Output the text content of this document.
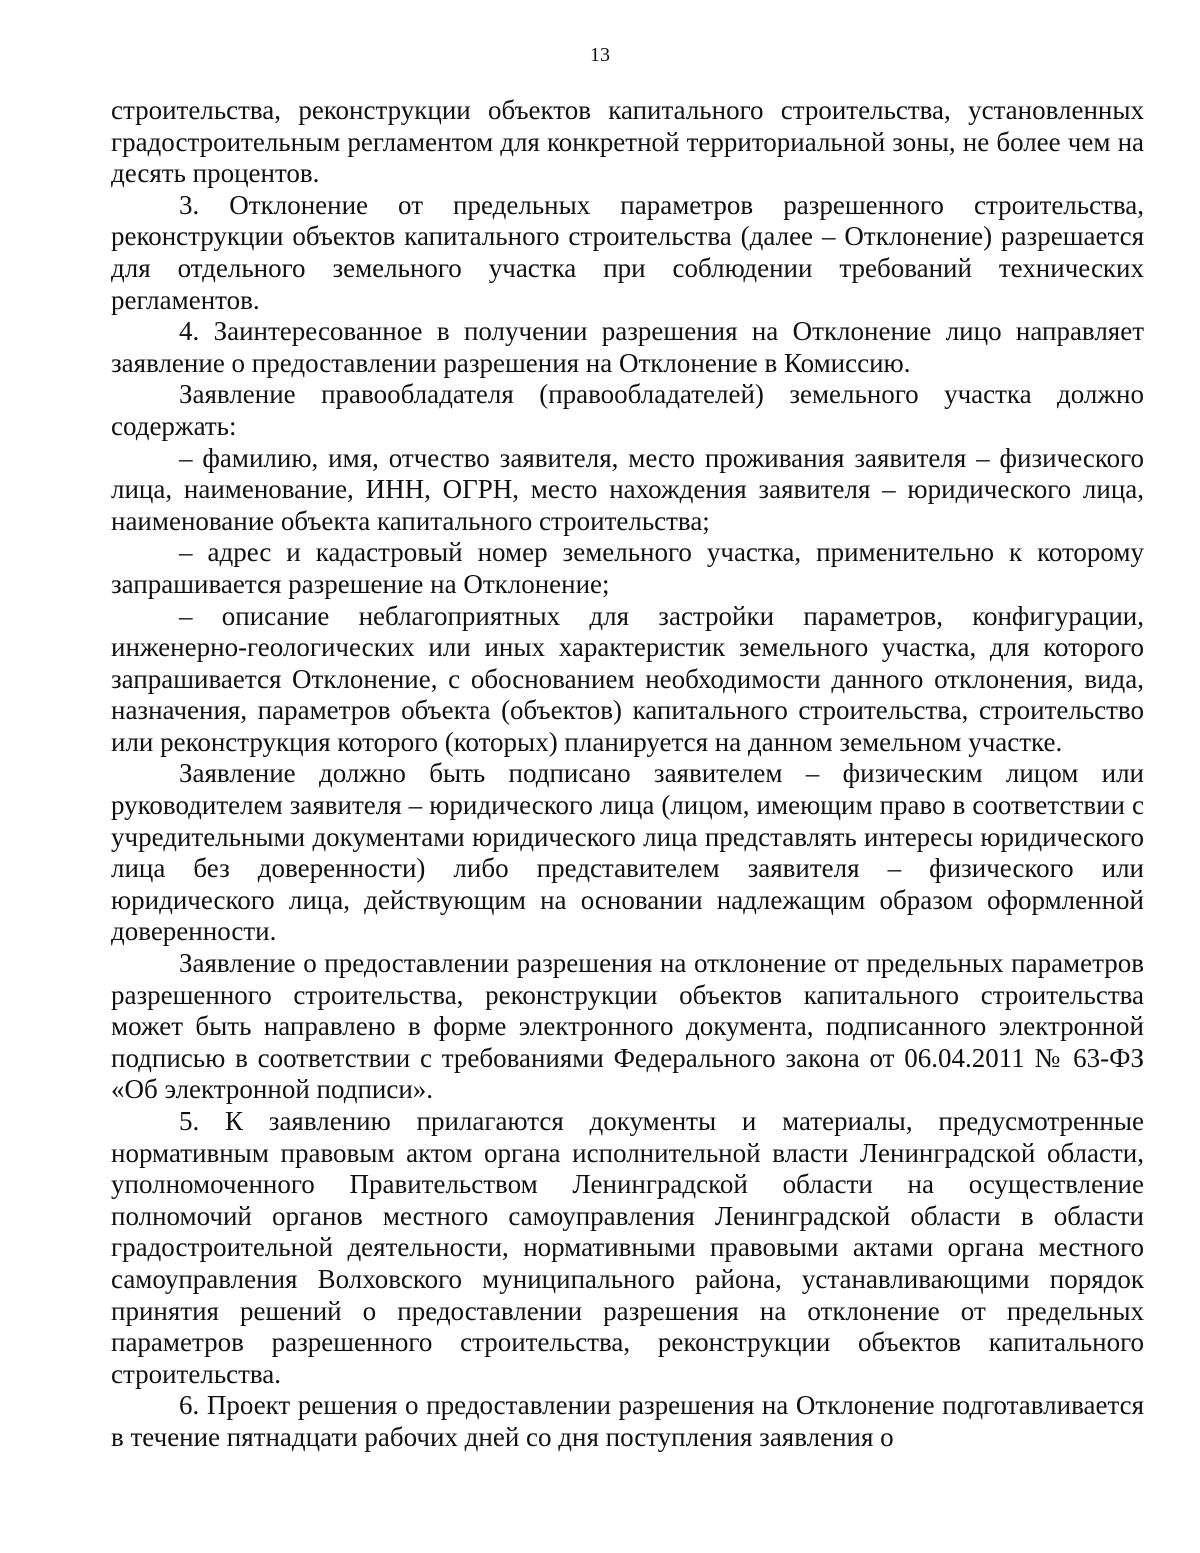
13

строительства, реконструкции объектов капитального строительства, установленных градостроительным регламентом для конкретной территориальной зоны, не более чем на десять процентов.

3. Отклонение от предельных параметров разрешенного строительства, реконструкции объектов капитального строительства (далее – Отклонение) разрешается для отдельного земельного участка при соблюдении требований технических регламентов.

4. Заинтересованное в получении разрешения на Отклонение лицо направляет заявление о предоставлении разрешения на Отклонение в Комиссию.

Заявление правообладателя (правообладателей) земельного участка должно содержать:

– фамилию, имя, отчество заявителя, место проживания заявителя – физического лица, наименование, ИНН, ОГРН, место нахождения заявителя – юридического лица, наименование объекта капитального строительства;

– адрес и кадастровый номер земельного участка, применительно к которому запрашивается разрешение на Отклонение;

– описание неблагоприятных для застройки параметров, конфигурации, инженерно-геологических или иных характеристик земельного участка, для которого запрашивается Отклонение, с обоснованием необходимости данного отклонения, вида, назначения, параметров объекта (объектов) капитального строительства, строительство или реконструкция которого (которых) планируется на данном земельном участке.

Заявление должно быть подписано заявителем – физическим лицом или руководителем заявителя – юридического лица (лицом, имеющим право в соответствии с учредительными документами юридического лица представлять интересы юридического лица без доверенности) либо представителем заявителя – физического или юридического лица, действующим на основании надлежащим образом оформленной доверенности.

Заявление о предоставлении разрешения на отклонение от предельных параметров разрешенного строительства, реконструкции объектов капитального строительства может быть направлено в форме электронного документа, подписанного электронной подписью в соответствии с требованиями Федерального закона от 06.04.2011 № 63-ФЗ «Об электронной подписи».

5. К заявлению прилагаются документы и материалы, предусмотренные нормативным правовым актом органа исполнительной власти Ленинградской области, уполномоченного Правительством Ленинградской области на осуществление полномочий органов местного самоуправления Ленинградской области в области градостроительной деятельности, нормативными правовыми актами органа местного самоуправления Волховского муниципального района, устанавливающими порядок принятия решений о предоставлении разрешения на отклонение от предельных параметров разрешенного строительства, реконструкции объектов капитального строительства.

6. Проект решения о предоставлении разрешения на Отклонение подготавливается в течение пятнадцати рабочих дней со дня поступления заявления о
